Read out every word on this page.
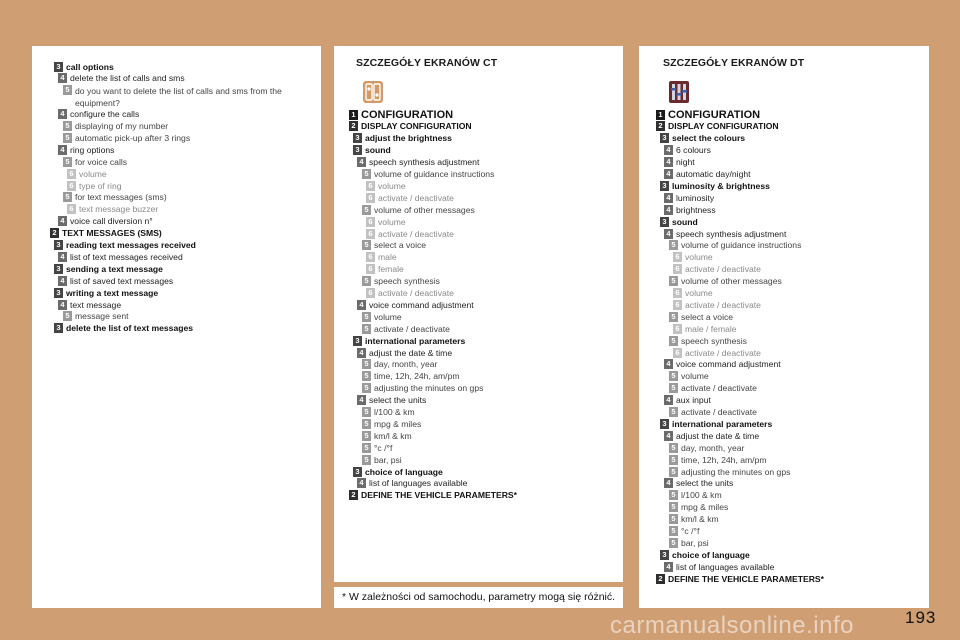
3 call options
4 delete the list of calls and sms
5 do you want to delete the list of calls and sms from the equipment?
4 configure the calls
5 displaying of my number
5 automatic pick-up after 3 rings
4 ring options
5 for voice calls
6 volume
6 type of ring
5 for text messages (sms)
6 text message buzzer
4 voice call diversion n°
2 TEXT MESSAGES (SMS)
3 reading text messages received
4 list of text messages received
3 sending a text message
4 list of saved text messages
3 writing a text message
4 text message
5 message sent
3 delete the list of text messages
SZCZEGÓŁY EKRANÓW CT
1 CONFIGURATION
2 DISPLAY CONFIGURATION
3 adjust the brightness
3 sound
4 speech synthesis adjustment
5 volume of guidance instructions
6 volume
6 activate / deactivate
5 volume of other messages
6 volume
6 activate / deactivate
5 select a voice
6 male
6 female
5 speech synthesis
6 activate / deactivate
4 voice command adjustment
5 volume
5 activate / deactivate
3 international parameters
4 adjust the date & time
5 day, month, year
5 time, 12h, 24h, am/pm
5 adjusting the minutes on gps
4 select the units
5 l/100 & km
5 mpg & miles
5 km/l & km
5 °c /°f
5 bar, psi
3 choice of language
4 list of languages available
2 DEFINE THE VEHICLE PARAMETERS*
SZCZEGÓŁY EKRANÓW DT
1 CONFIGURATION
2 DISPLAY CONFIGURATION
3 select the colours
4 6 colours
4 night
4 automatic day/night
3 luminosity & brightness
4 luminosity
4 brightness
3 sound
4 speech synthesis adjustment
5 volume of guidance instructions
6 volume
6 activate / deactivate
5 volume of other messages
6 volume
6 activate / deactivate
5 select a voice
6 male / female
5 speech synthesis
6 activate / deactivate
4 voice command adjustment
5 volume
5 activate / deactivate
4 aux input
5 activate / deactivate
3 international parameters
4 adjust the date & time
5 day, month, year
5 time, 12h, 24h, am/pm
5 adjusting the minutes on gps
4 select the units
5 l/100 & km
5 mpg & miles
5 km/l & km
5 °c /°f
5 bar, psi
3 choice of language
4 list of languages available
2 DEFINE THE VEHICLE PARAMETERS*
* W zależności od samochodu, parametry mogą się różnić.
carmanualsonline.info	193
